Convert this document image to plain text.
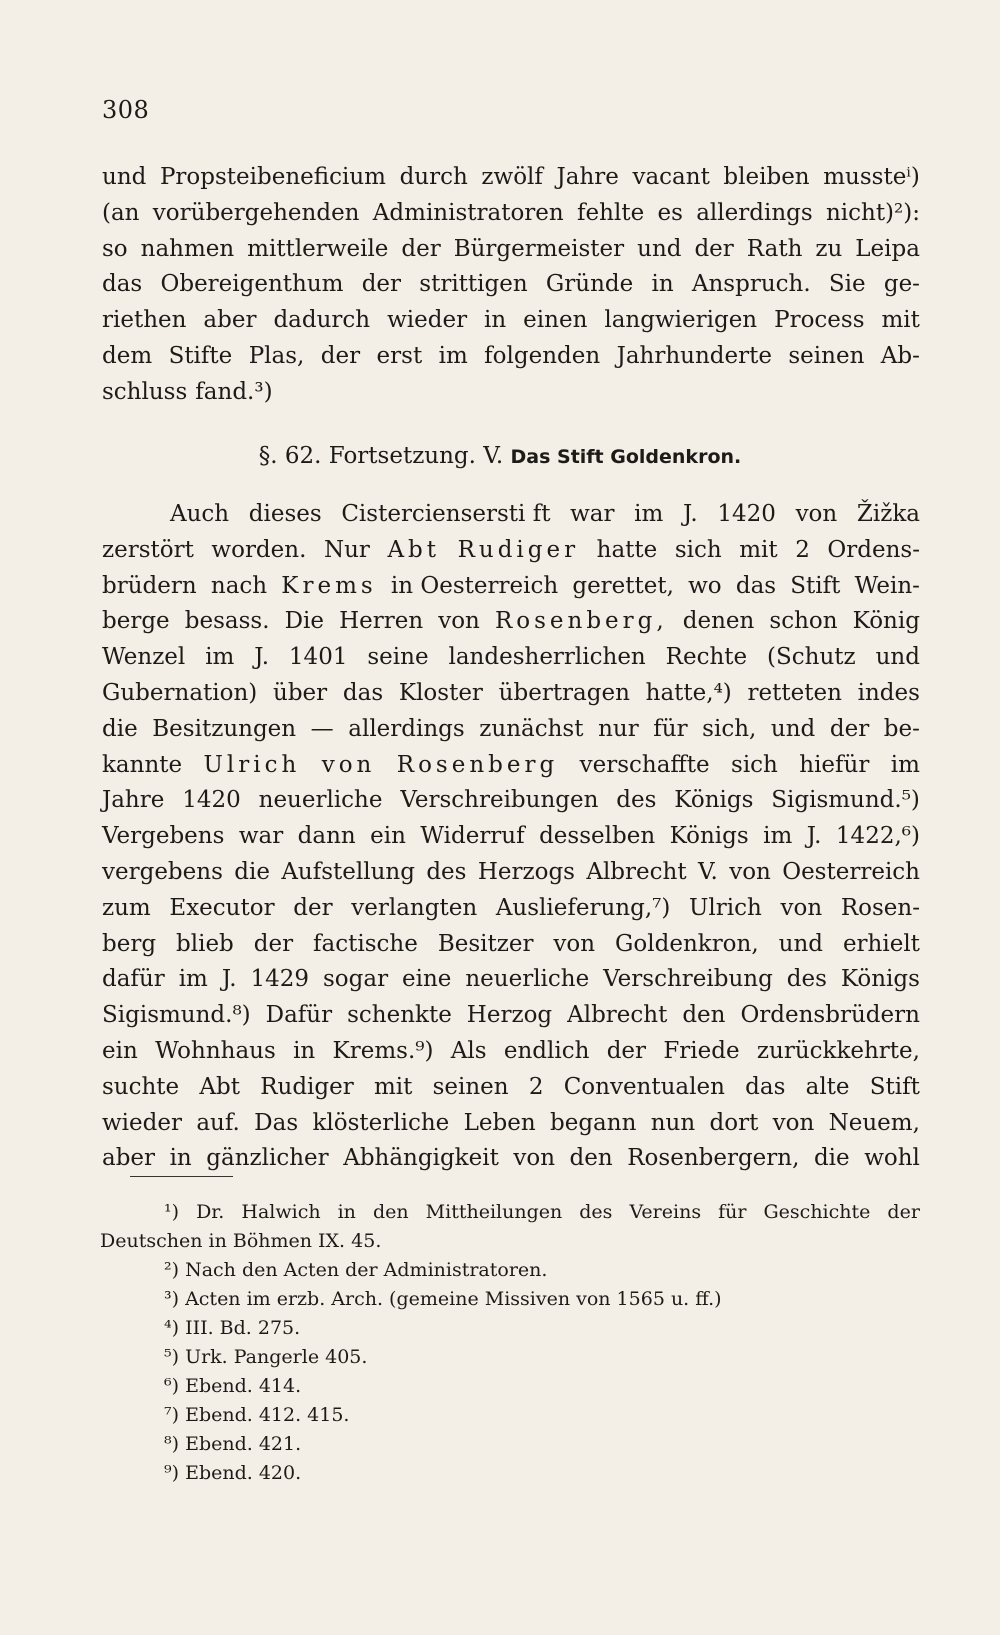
308
und Propsteibeneficium durch zwölf Jahre vacant bleiben mussteⁱ)
(an vorübergehenden Administratoren fehlte es allerdings nicht)²):
so nahmen mittlerweile der Bürgermeister und der Rath zu Leipa
das Obereigenthum der strittigen Gründe in Anspruch. Sie ge-
riethen aber dadurch wieder in einen langwierigen Process mit
dem Stifte Plas, der erst im folgenden Jahrhunderte seinen Ab-
schluss fand.³)
§. 62. Fortsetzung. V. Das Stift Goldenkron.
Auch dieses Cisterciensersti ft war im J. 1420 von Žižka
zerstört worden. Nur Abt Rudiger hatte sich mit 2 Ordens-
brüdern nach Krems in Oesterreich gerettet, wo das Stift Wein-
berge besass. Die Herren von Rosenberg, denen schon König
Wenzel im J. 1401 seine landesherrlichen Rechte (Schutz und
Gubernation) über das Kloster übertragen hatte,⁴) retteten indes
die Besitzungen — allerdings zunächst nur für sich, und der be-
kannte Ulrich von Rosenberg verschaffte sich hiefür im
Jahre 1420 neuerliche Verschreibungen des Königs Sigismund.⁵)
Vergebens war dann ein Widerruf desselben Königs im J. 1422,⁶)
vergebens die Aufstellung des Herzogs Albrecht V. von Oesterreich
zum Executor der verlangten Auslieferung,⁷) Ulrich von Rosen-
berg blieb der factische Besitzer von Goldenkron, und erhielt
dafür im J. 1429 sogar eine neuerliche Verschreibung des Königs
Sigismund.⁸) Dafür schenkte Herzog Albrecht den Ordensbrüdern
ein Wohnhaus in Krems.⁹) Als endlich der Friede zurückkehrte,
suchte Abt Rudiger mit seinen 2 Conventualen das alte Stift
wieder auf. Das klösterliche Leben begann nun dort von Neuem,
aber in gänzlicher Abhängigkeit von den Rosenbergern, die wohl
¹) Dr. Halwich in den Mittheilungen des Vereins für Geschichte der
Deutschen in Böhmen IX. 45.
²) Nach den Acten der Administratoren.
³) Acten im erzb. Arch. (gemeine Missiven von 1565 u. ff.)
⁴) III. Bd. 275.
⁵) Urk. Pangerle 405.
⁶) Ebend. 414.
⁷) Ebend. 412. 415.
⁸) Ebend. 421.
⁹) Ebend. 420.
